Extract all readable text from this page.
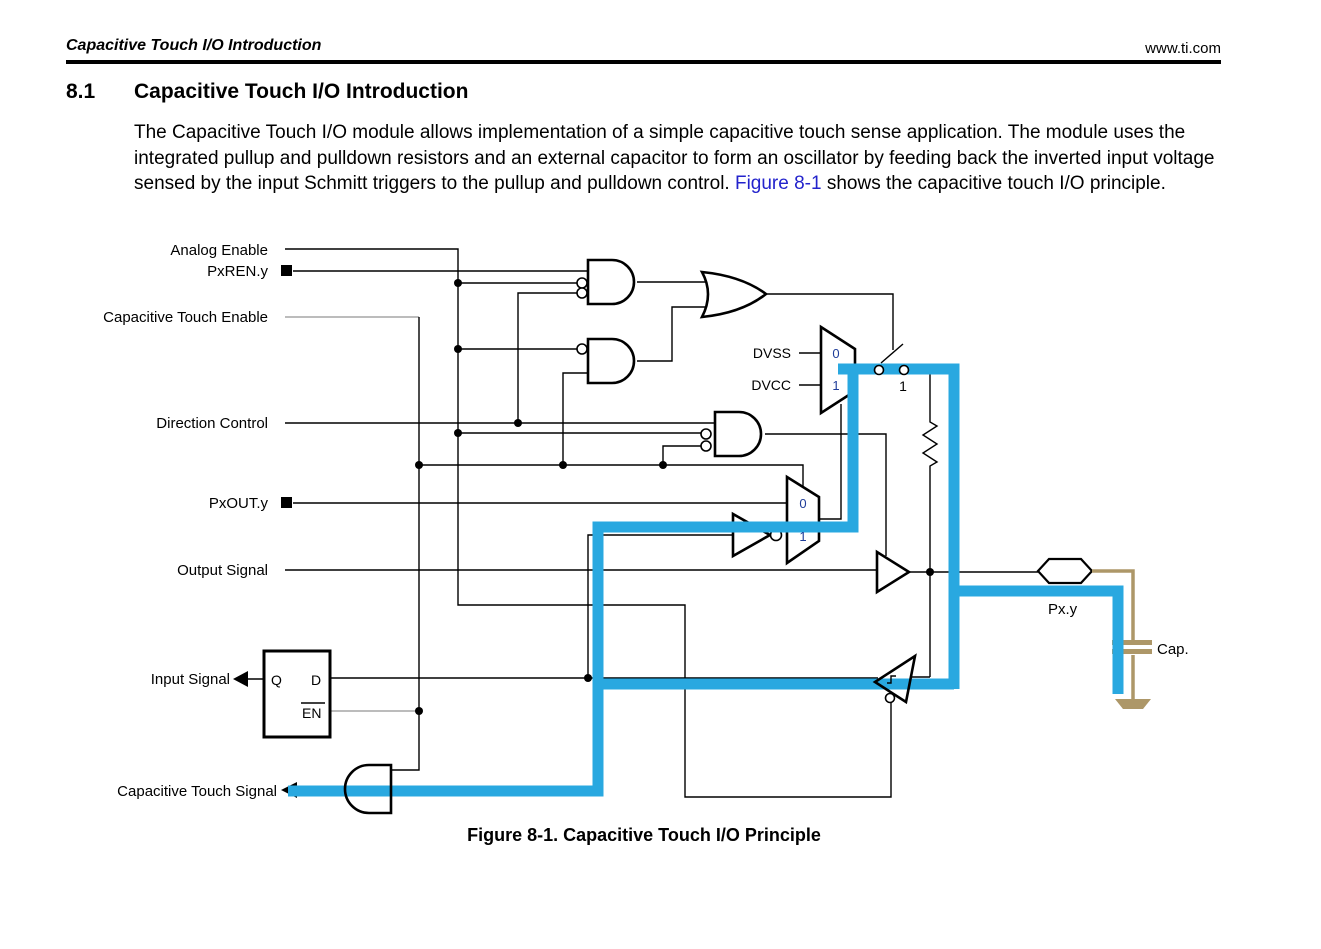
Capacitive Touch I/O Introduction	www.ti.com
8.1 Capacitive Touch I/O Introduction
The Capacitive Touch I/O module allows implementation of a simple capacitive touch sense application. The module uses the integrated pullup and pulldown resistors and an external capacitor to form an oscillator by feeding back the inverted input voltage sensed by the input Schmitt triggers to the pullup and pulldown control. Figure 8-1 shows the capacitive touch I/O principle.
Figure 8-1. Capacitive Touch I/O Principle
Analog Enable
PxREN.y
Capacitive Touch Enable
Direction Control
PxOUT.y
Output Signal
Input Signal
Capacitive Touch Signal
DVSS
DVCC
0
1
0
1
1
Q D
EN
Px.y
Cap.
